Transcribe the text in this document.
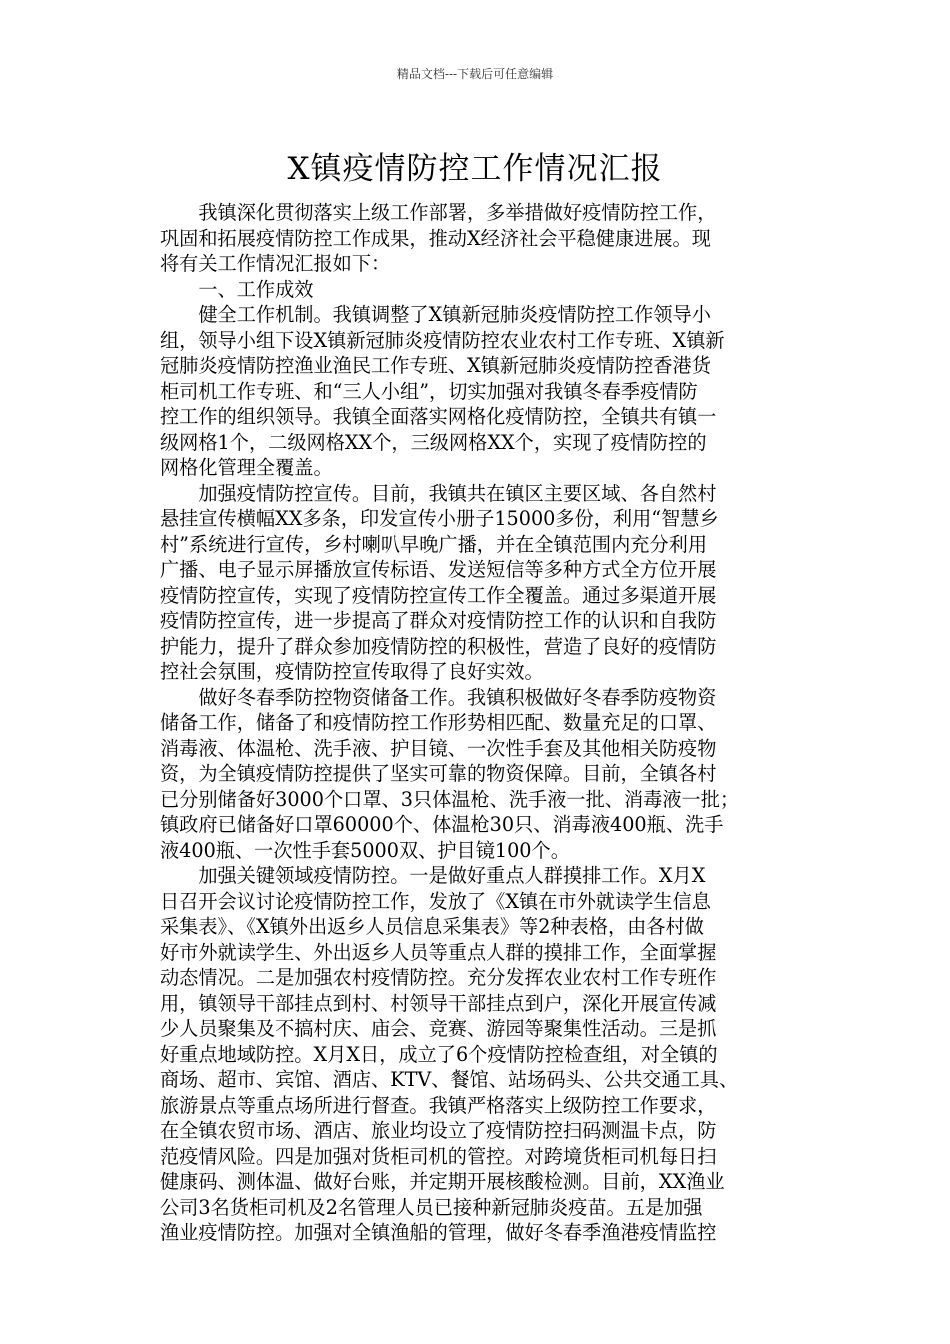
精品文档---下载后可任意编辑
X镇疫情防控工作情况汇报
　　我镇深化贯彻落实上级工作部署，多举措做好疫情防控工作，
巩固和拓展疫情防控工作成果，推动X经济社会平稳健康进展。现
将有关工作情况汇报如下：
　　一、工作成效
　　健全工作机制。我镇调整了X镇新冠肺炎疫情防控工作领导小
组，领导小组下设X镇新冠肺炎疫情防控农业农村工作专班、X镇新
冠肺炎疫情防控渔业渔民工作专班、X镇新冠肺炎疫情防控香港货
柜司机工作专班、和“三人小组”，切实加强对我镇冬春季疫情防
控工作的组织领导。我镇全面落实网格化疫情防控，全镇共有镇一
级网格1个，二级网格XX个，三级网格XX个，实现了疫情防控的
网格化管理全覆盖。
　　加强疫情防控宣传。目前，我镇共在镇区主要区域、各自然村
悬挂宣传横幅XX多条，印发宣传小册子15000多份，利用“智慧乡
村”系统进行宣传，乡村喇叭早晚广播，并在全镇范围内充分利用
广播、电子显示屏播放宣传标语、发送短信等多种方式全方位开展
疫情防控宣传，实现了疫情防控宣传工作全覆盖。通过多渠道开展
疫情防控宣传，进一步提高了群众对疫情防控工作的认识和自我防
护能力，提升了群众参加疫情防控的积极性，营造了良好的疫情防
控社会氛围，疫情防控宣传取得了良好实效。
　　做好冬春季防控物资储备工作。我镇积极做好冬春季防疫物资
储备工作，储备了和疫情防控工作形势相匹配、数量充足的口罩、
消毒液、体温枪、洗手液、护目镜、一次性手套及其他相关防疫物
资，为全镇疫情防控提供了坚实可靠的物资保障。目前，全镇各村
已分别储备好3000个口罩、3只体温枪、洗手液一批、消毒液一批；
镇政府已储备好口罩60000个、体温枪30只、消毒液400瓶、洗手
液400瓶、一次性手套5000双、护目镜100个。
　　加强关键领域疫情防控。一是做好重点人群摸排工作。X月X
日召开会议讨论疫情防控工作，发放了《X镇在市外就读学生信息
采集表》、《X镇外出返乡人员信息采集表》等2种表格，由各村做
好市外就读学生、外出返乡人员等重点人群的摸排工作，全面掌握
动态情况。二是加强农村疫情防控。充分发挥农业农村工作专班作
用，镇领导干部挂点到村、村领导干部挂点到户，深化开展宣传减
少人员聚集及不搞村庆、庙会、竞赛、游园等聚集性活动。三是抓
好重点地域防控。X月X日，成立了6个疫情防控检查组，对全镇的
商场、超市、宾馆、酒店、KTV、餐馆、站场码头、公共交通工具、
旅游景点等重点场所进行督查。我镇严格落实上级防控工作要求，
在全镇农贸市场、酒店、旅业均设立了疫情防控扫码测温卡点，防
范疫情风险。四是加强对货柜司机的管控。对跨境货柜司机每日扫
健康码、测体温、做好台账，并定期开展核酸检测。目前，XX渔业
公司3名货柜司机及2名管理人员已接种新冠肺炎疫苗。五是加强
渔业疫情防控。加强对全镇渔船的管理，做好冬春季渔港疫情监控
